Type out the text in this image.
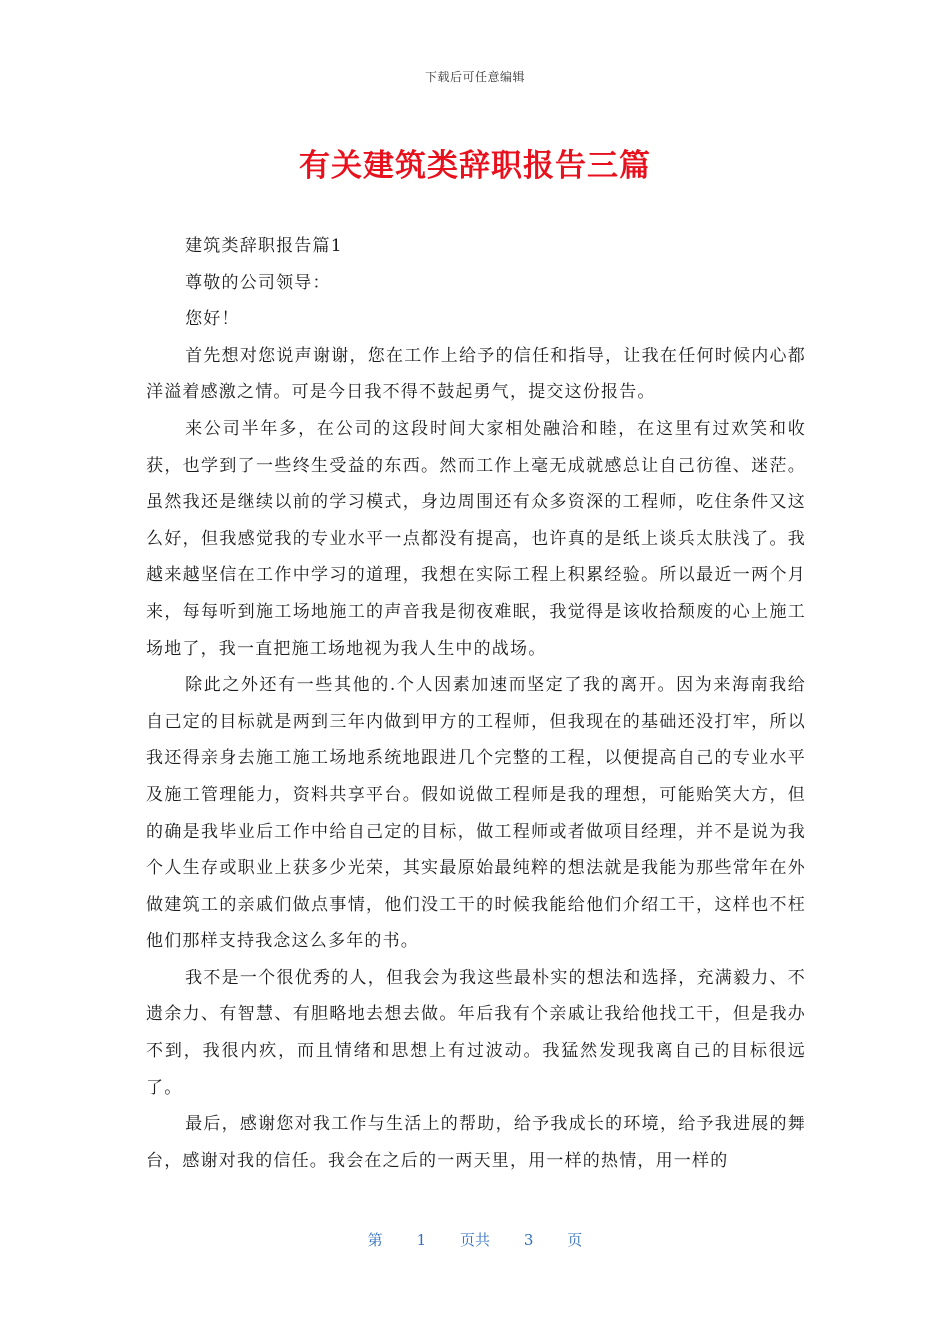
下载后可任意编辑
有关建筑类辞职报告三篇

建筑类辞职报告篇1

尊敬的公司领导：

您好！

首先想对您说声谢谢，您在工作上给予的信任和指导，让我在任何时候内心都洋溢着感激之情。可是今日我不得不鼓起勇气，提交这份报告。

来公司半年多，在公司的这段时间大家相处融洽和睦，在这里有过欢笑和收获，也学到了一些终生受益的东西。然而工作上毫无成就感总让自己彷徨、迷茫。虽然我还是继续以前的学习模式，身边周围还有众多资深的工程师，吃住条件又这么好，但我感觉我的专业水平一点都没有提高，也许真的是纸上谈兵太肤浅了。我越来越坚信在工作中学习的道理，我想在实际工程上积累经验。所以最近一两个月来，每每听到施工场地施工的声音我是彻夜难眠，我觉得是该收拾颓废的心上施工场地了，我一直把施工场地视为我人生中的战场。

除此之外还有一些其他的.个人因素加速而坚定了我的离开。因为来海南我给自己定的目标就是两到三年内做到甲方的工程师，但我现在的基础还没打牢，所以我还得亲身去施工施工场地系统地跟进几个完整的工程，以便提高自己的专业水平及施工管理能力，资料共享平台。假如说做工程师是我的理想，可能贻笑大方，但的确是我毕业后工作中给自己定的目标，做工程师或者做项目经理，并不是说为我个人生存或职业上获多少光荣，其实最原始最纯粹的想法就是我能为那些常年在外做建筑工的亲戚们做点事情，他们没工干的时候我能给他们介绍工干，这样也不枉他们那样支持我念这么多年的书。

我不是一个很优秀的人，但我会为我这些最朴实的想法和选择，充满毅力、不遗余力、有智慧、有胆略地去想去做。年后我有个亲戚让我给他找工干，但是我办不到，我很内疚，而且情绪和思想上有过波动。我猛然发现我离自己的目标很远了。

最后，感谢您对我工作与生活上的帮助，给予我成长的环境，给予我进展的舞台，感谢对我的信任。我会在之后的一两天里，用一样的热情，用一样的

第 1 页共 3 页
